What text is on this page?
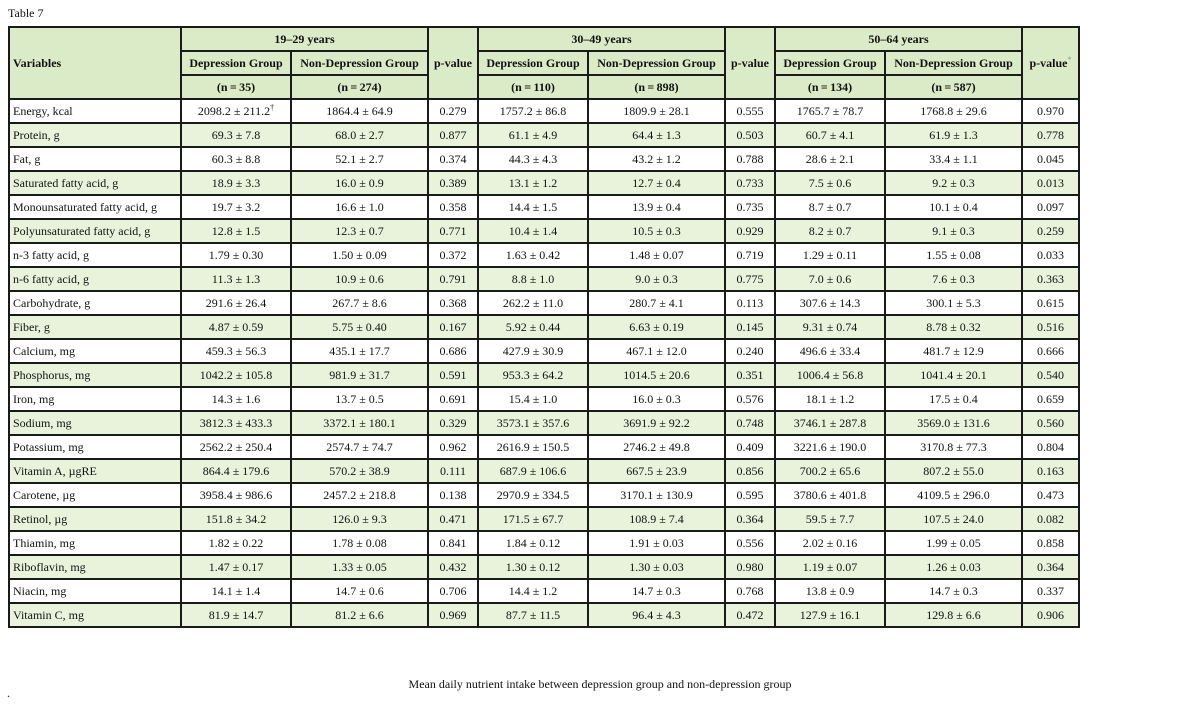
Table 7
Variables	19–29 years		p-value	30–49 years		p-value	50–64 years		p-value*
	Depression Group	Non-Depression Group		Depression Group	Non-Depression Group		Depression Group	Non-Depression Group	
	(n = 35)	(n = 274)		(n = 110)	(n = 898)		(n = 134)	(n = 587)	
Energy, kcal	2098.2 ± 211.2†	1864.4 ± 64.9	0.279	1757.2 ± 86.8	1809.9 ± 28.1	0.555	1765.7 ± 78.7	1768.8 ± 29.6	0.970
Protein, g	69.3 ± 7.8	68.0 ± 2.7	0.877	61.1 ± 4.9	64.4 ± 1.3	0.503	60.7 ± 4.1	61.9 ± 1.3	0.778
Fat, g	60.3 ± 8.8	52.1 ± 2.7	0.374	44.3 ± 4.3	43.2 ± 1.2	0.788	28.6 ± 2.1	33.4 ± 1.1	0.045
Saturated fatty acid, g	18.9 ± 3.3	16.0 ± 0.9	0.389	13.1 ± 1.2	12.7 ± 0.4	0.733	7.5 ± 0.6	9.2 ± 0.3	0.013
Monounsaturated fatty acid, g	19.7 ± 3.2	16.6 ± 1.0	0.358	14.4 ± 1.5	13.9 ± 0.4	0.735	8.7 ± 0.7	10.1 ± 0.4	0.097
Polyunsaturated fatty acid, g	12.8 ± 1.5	12.3 ± 0.7	0.771	10.4 ± 1.4	10.5 ± 0.3	0.929	8.2 ± 0.7	9.1 ± 0.3	0.259
n-3 fatty acid, g	1.79 ± 0.30	1.50 ± 0.09	0.372	1.63 ± 0.42	1.48 ± 0.07	0.719	1.29 ± 0.11	1.55 ± 0.08	0.033
n-6 fatty acid, g	11.3 ± 1.3	10.9 ± 0.6	0.791	8.8 ± 1.0	9.0 ± 0.3	0.775	7.0 ± 0.6	7.6 ± 0.3	0.363
Carbohydrate, g	291.6 ± 26.4	267.7 ± 8.6	0.368	262.2 ± 11.0	280.7 ± 4.1	0.113	307.6 ± 14.3	300.1 ± 5.3	0.615
Fiber, g	4.87 ± 0.59	5.75 ± 0.40	0.167	5.92 ± 0.44	6.63 ± 0.19	0.145	9.31 ± 0.74	8.78 ± 0.32	0.516
Calcium, mg	459.3 ± 56.3	435.1 ± 17.7	0.686	427.9 ± 30.9	467.1 ± 12.0	0.240	496.6 ± 33.4	481.7 ± 12.9	0.666
Phosphorus, mg	1042.2 ± 105.8	981.9 ± 31.7	0.591	953.3 ± 64.2	1014.5 ± 20.6	0.351	1006.4 ± 56.8	1041.4 ± 20.1	0.540
Iron, mg	14.3 ± 1.6	13.7 ± 0.5	0.691	15.4 ± 1.0	16.0 ± 0.3	0.576	18.1 ± 1.2	17.5 ± 0.4	0.659
Sodium, mg	3812.3 ± 433.3	3372.1 ± 180.1	0.329	3573.1 ± 357.6	3691.9 ± 92.2	0.748	3746.1 ± 287.8	3569.0 ± 131.6	0.560
Potassium, mg	2562.2 ± 250.4	2574.7 ± 74.7	0.962	2616.9 ± 150.5	2746.2 ± 49.8	0.409	3221.6 ± 190.0	3170.8 ± 77.3	0.804
Vitamin A, µgRE	864.4 ± 179.6	570.2 ± 38.9	0.111	687.9 ± 106.6	667.5 ± 23.9	0.856	700.2 ± 65.6	807.2 ± 55.0	0.163
Carotene, µg	3958.4 ± 986.6	2457.2 ± 218.8	0.138	2970.9 ± 334.5	3170.1 ± 130.9	0.595	3780.6 ± 401.8	4109.5 ± 296.0	0.473
Retinol, µg	151.8 ± 34.2	126.0 ± 9.3	0.471	171.5 ± 67.7	108.9 ± 7.4	0.364	59.5 ± 7.7	107.5 ± 24.0	0.082
Thiamin, mg	1.82 ± 0.22	1.78 ± 0.08	0.841	1.84 ± 0.12	1.91 ± 0.03	0.556	2.02 ± 0.16	1.99 ± 0.05	0.858
Riboflavin, mg	1.47 ± 0.17	1.33 ± 0.05	0.432	1.30 ± 0.12	1.30 ± 0.03	0.980	1.19 ± 0.07	1.26 ± 0.03	0.364
Niacin, mg	14.1 ± 1.4	14.7 ± 0.6	0.706	14.4 ± 1.2	14.7 ± 0.3	0.768	13.8 ± 0.9	14.7 ± 0.3	0.337
Vitamin C, mg	81.9 ± 14.7	81.2 ± 6.6	0.969	87.7 ± 11.5	96.4 ± 4.3	0.472	127.9 ± 16.1	129.8 ± 6.6	0.906
Mean daily nutrient intake between depression group and non-depression group
.
